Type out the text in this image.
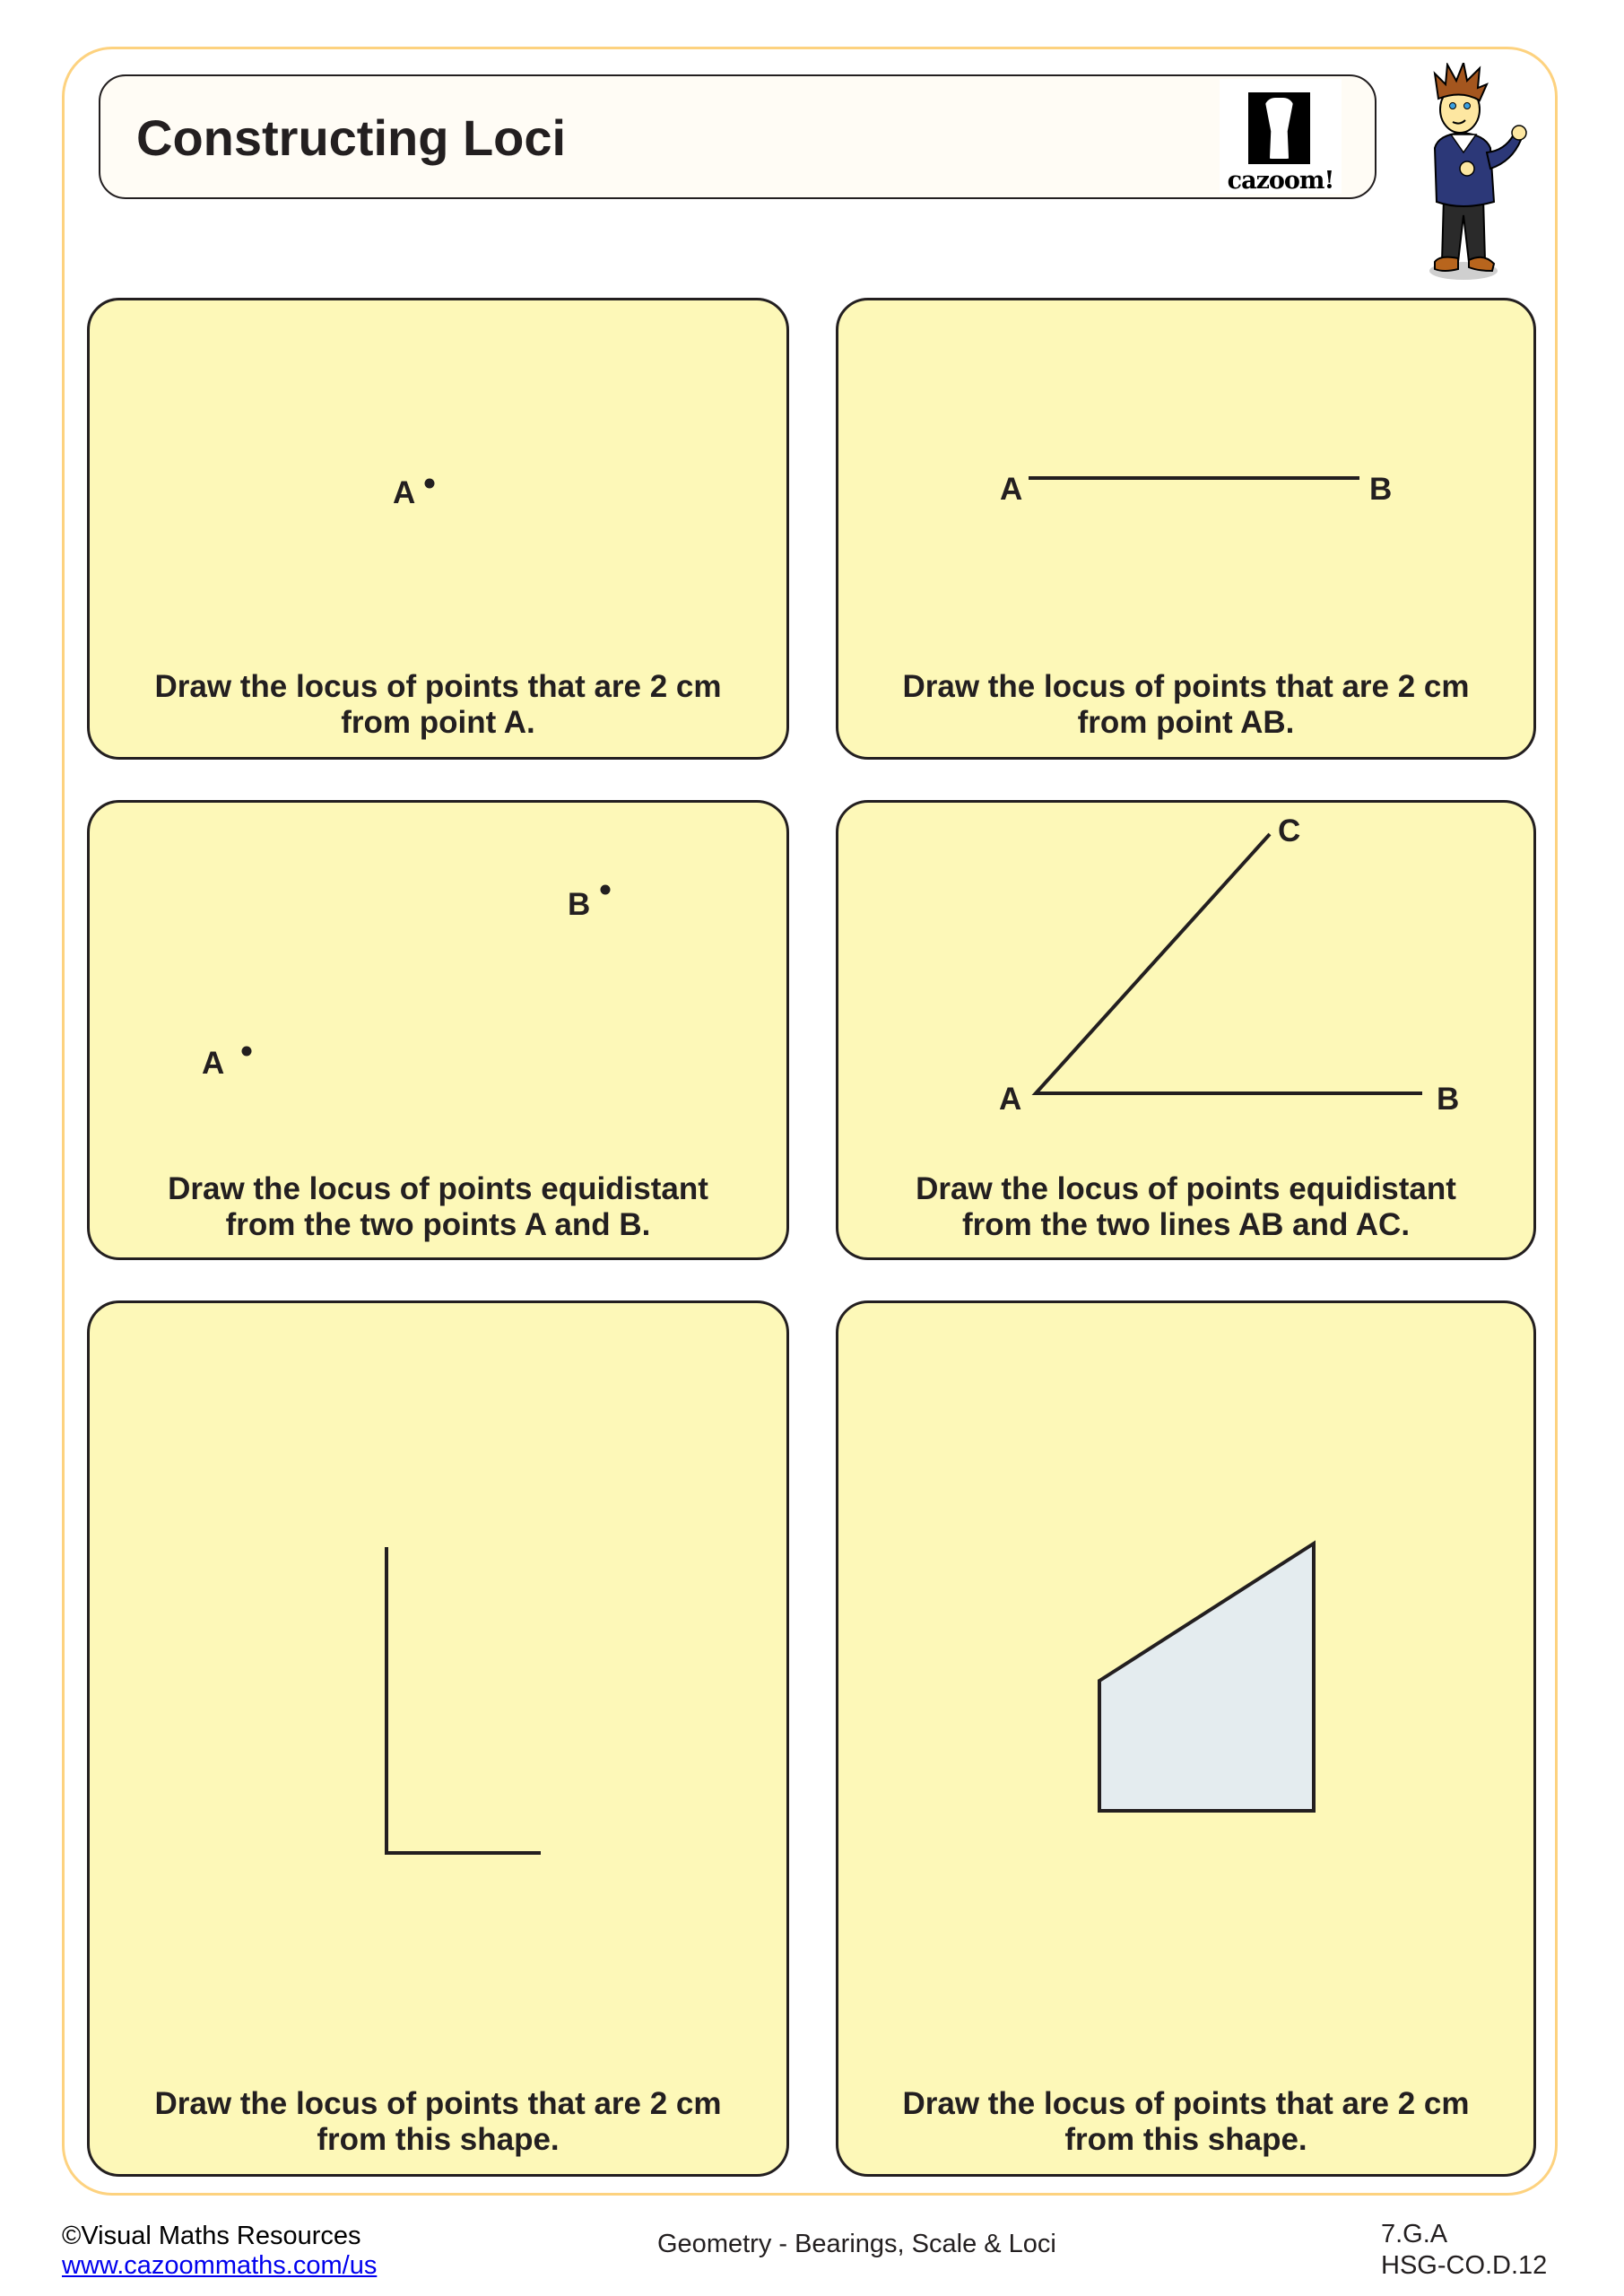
Constructing Loci
cazoom!
A
Draw the locus of points that are 2 cm
from point A.
A	B
Draw the locus of points that are 2 cm
from point AB.
B
A
Draw the locus of points equidistant
from the two points A and B.
C
A	B
Draw the locus of points equidistant
from the two lines AB and AC.
Draw the locus of points that are 2 cm
from this shape.
Draw the locus of points that are 2 cm
from this shape.
©Visual Maths Resources
www.cazoommaths.com/us
Geometry - Bearings, Scale & Loci	7.G.A
HSG-CO.D.12
